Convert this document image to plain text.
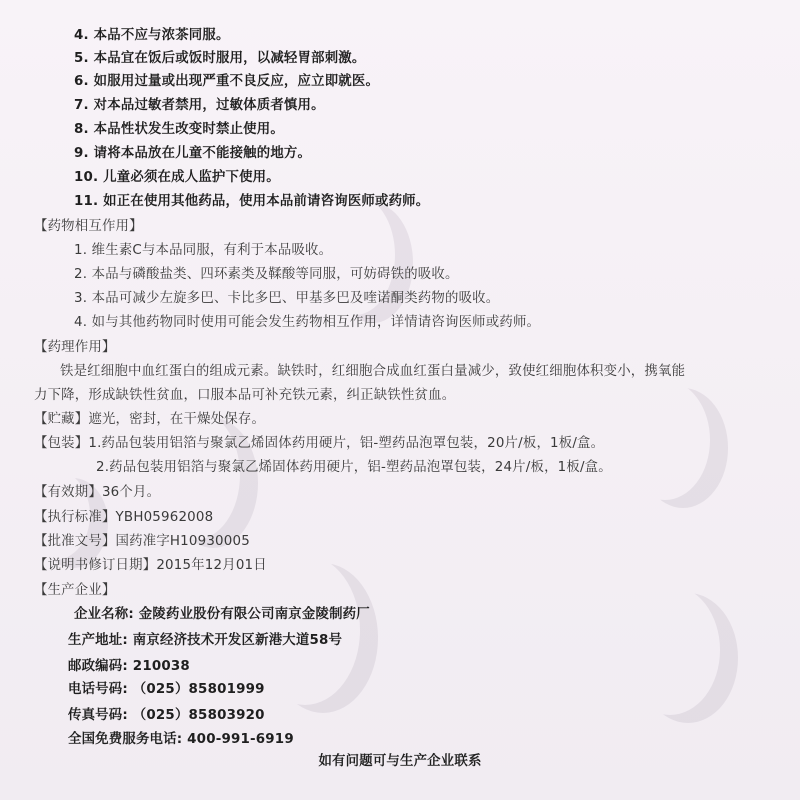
4. 本品不应与浓茶同服。
5. 本品宜在饭后或饭时服用，以减轻胃部刺激。
6. 如服用过量或出现严重不良反应，应立即就医。
7. 对本品过敏者禁用，过敏体质者慎用。
8. 本品性状发生改变时禁止使用。
9. 请将本品放在儿童不能接触的地方。
10. 儿童必须在成人监护下使用。
11. 如正在使用其他药品，使用本品前请咨询医师或药师。
【药物相互作用】
1. 维生素C与本品同服，有利于本品吸收。
2. 本品与磷酸盐类、四环素类及鞣酸等同服，可妨碍铁的吸收。
3. 本品可减少左旋多巴、卡比多巴、甲基多巴及喹诺酮类药物的吸收。
4. 如与其他药物同时使用可能会发生药物相互作用，详情请咨询医师或药师。
【药理作用】
铁是红细胞中血红蛋白的组成元素。缺铁时，红细胞合成血红蛋白量减少，致使红细胞体积变小，携氧能
力下降，形成缺铁性贫血，口服本品可补充铁元素，纠正缺铁性贫血。
【贮藏】遮光，密封，在干燥处保存。
【包装】1.药品包装用铝箔与聚氯乙烯固体药用硬片，铝-塑药品泡罩包装，20片/板，1板/盒。
2.药品包装用铝箔与聚氯乙烯固体药用硬片，铝-塑药品泡罩包装，24片/板，1板/盒。
【有效期】36个月。
【执行标准】YBH05962008
【批准文号】国药准字H10930005
【说明书修订日期】2015年12月01日
【生产企业】
企业名称: 金陵药业股份有限公司南京金陵制药厂
生产地址: 南京经济技术开发区新港大道58号
邮政编码: 210038
电话号码: （025）85801999
传真号码: （025）85803920
全国免费服务电话: 400-991-6919
如有问题可与生产企业联系
